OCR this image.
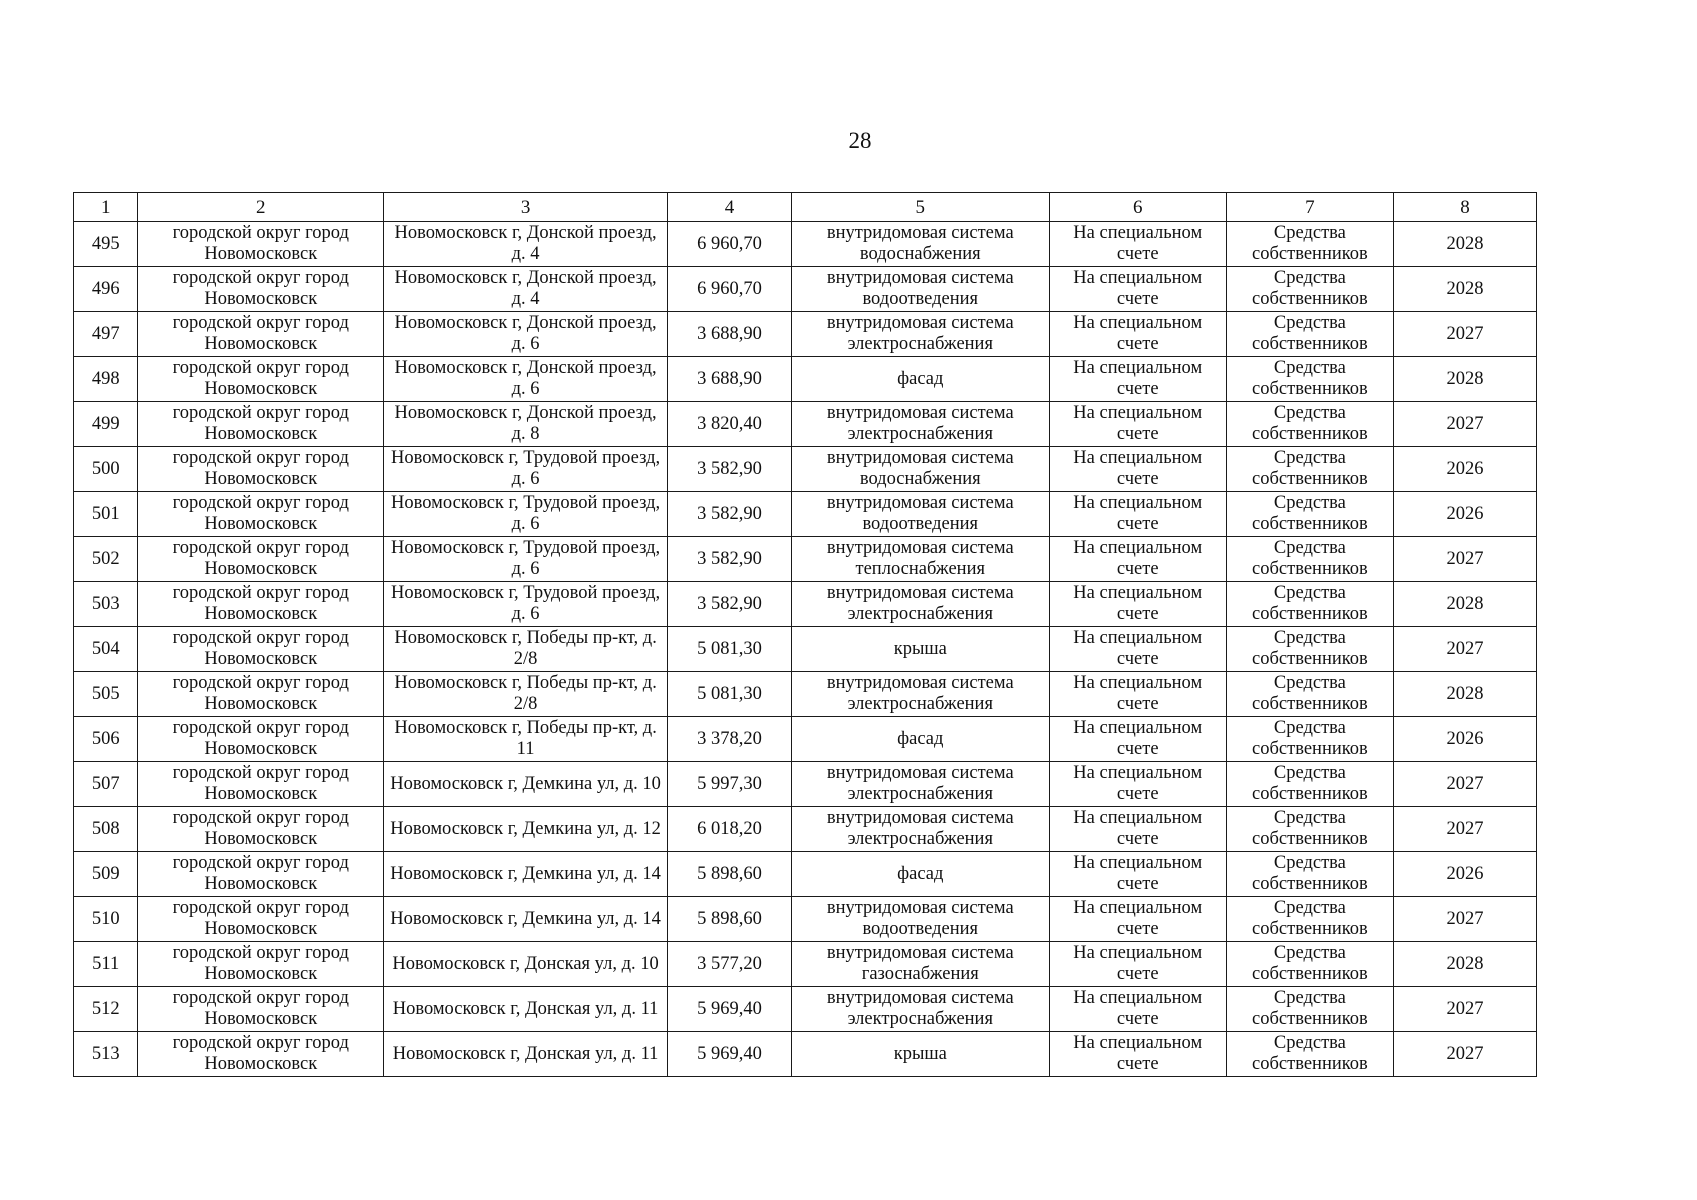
28
1	2	3	4	5	6	7	8
495	городской округ город Новомосковск	Новомосковск г, Донской проезд, д. 4	6 960,70	внутридомовая система водоснабжения	На специальном счете	Средства собственников	2028
496	городской округ город Новомосковск	Новомосковск г, Донской проезд, д. 4	6 960,70	внутридомовая система водоотведения	На специальном счете	Средства собственников	2028
497	городской округ город Новомосковск	Новомосковск г, Донской проезд, д. 6	3 688,90	внутридомовая система электроснабжения	На специальном счете	Средства собственников	2027
498	городской округ город Новомосковск	Новомосковск г, Донской проезд, д. 6	3 688,90	фасад	На специальном счете	Средства собственников	2028
499	городской округ город Новомосковск	Новомосковск г, Донской проезд, д. 8	3 820,40	внутридомовая система электроснабжения	На специальном счете	Средства собственников	2027
500	городской округ город Новомосковск	Новомосковск г, Трудовой проезд, д. 6	3 582,90	внутридомовая система водоснабжения	На специальном счете	Средства собственников	2026
501	городской округ город Новомосковск	Новомосковск г, Трудовой проезд, д. 6	3 582,90	внутридомовая система водоотведения	На специальном счете	Средства собственников	2026
502	городской округ город Новомосковск	Новомосковск г, Трудовой проезд, д. 6	3 582,90	внутридомовая система теплоснабжения	На специальном счете	Средства собственников	2027
503	городской округ город Новомосковск	Новомосковск г, Трудовой проезд, д. 6	3 582,90	внутридомовая система электроснабжения	На специальном счете	Средства собственников	2028
504	городской округ город Новомосковск	Новомосковск г, Победы пр-кт, д. 2/8	5 081,30	крыша	На специальном счете	Средства собственников	2027
505	городской округ город Новомосковск	Новомосковск г, Победы пр-кт, д. 2/8	5 081,30	внутридомовая система электроснабжения	На специальном счете	Средства собственников	2028
506	городской округ город Новомосковск	Новомосковск г, Победы пр-кт, д. 11	3 378,20	фасад	На специальном счете	Средства собственников	2026
507	городской округ город Новомосковск	Новомосковск г, Демкина ул, д. 10	5 997,30	внутридомовая система электроснабжения	На специальном счете	Средства собственников	2027
508	городской округ город Новомосковск	Новомосковск г, Демкина ул, д. 12	6 018,20	внутридомовая система электроснабжения	На специальном счете	Средства собственников	2027
509	городской округ город Новомосковск	Новомосковск г, Демкина ул, д. 14	5 898,60	фасад	На специальном счете	Средства собственников	2026
510	городской округ город Новомосковск	Новомосковск г, Демкина ул, д. 14	5 898,60	внутридомовая система водоотведения	На специальном счете	Средства собственников	2027
511	городской округ город Новомосковск	Новомосковск г, Донская ул, д. 10	3 577,20	внутридомовая система газоснабжения	На специальном счете	Средства собственников	2028
512	городской округ город Новомосковск	Новомосковск г, Донская ул, д. 11	5 969,40	внутридомовая система электроснабжения	На специальном счете	Средства собственников	2027
513	городской округ город Новомосковск	Новомосковск г, Донская ул, д. 11	5 969,40	крыша	На специальном счете	Средства собственников	2027
